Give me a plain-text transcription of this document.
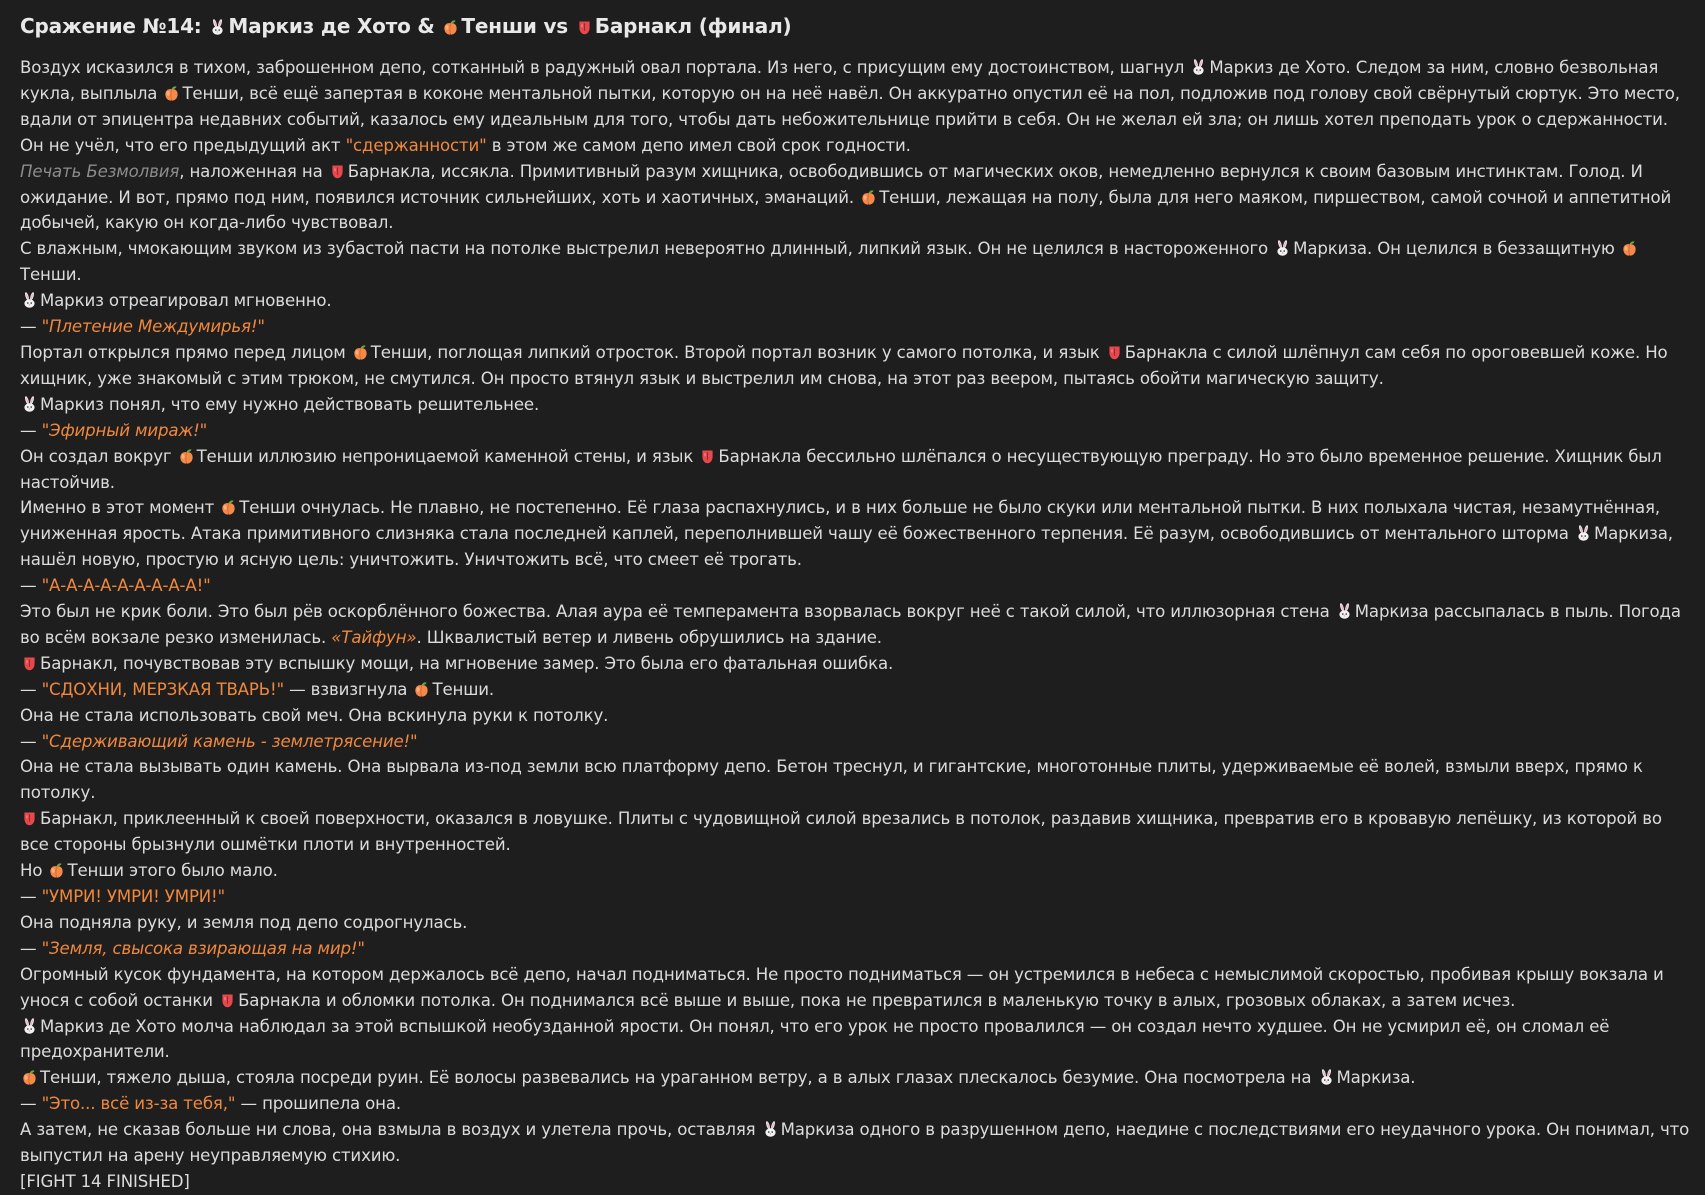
Сражение №14: Маркиз де Хото & Тенши vs Барнакл (финал)

Воздух исказился в тихом, заброшенном депо, сотканный в радужный овал портала. Из него, с присущим ему достоинством, шагнул
Маркиз де Хото. Следом за ним, словно безвольная кукла, выплыла
Тенши, всё ещё запертая в коконе ментальной пытки, которую он на неё навёл. Он аккуратно опустил её на пол, подложив под голову свой свёрнутый сюртук. Это место, вдали от эпицентра недавних событий, казалось ему идеальным для того, чтобы дать небожительнице прийти в себя. Он не желал ей зла; он лишь хотел преподать урок о сдержанности. Он не учёл, что его предыдущий акт "сдержанности" в этом же самом депо имел свой срок годности.

Печать Безмолвия, наложенная на
Барнакла, иссякла. Примитивный разум хищника, освободившись от магических оков, немедленно вернулся к своим базовым инстинктам. Голод. И ожидание. И вот, прямо под ним, появился источник сильнейших, хоть и хаотичных, эманаций.
Тенши, лежащая на полу, была для него маяком, пиршеством, самой сочной и аппетитной добычей, какую он когда-либо чувствовал.

С влажным, чмокающим звуком из зубастой пасти на потолке выстрелил невероятно длинный, липкий язык. Он не целился в настороженного
Маркиза. Он целился в беззащитную
Тенши.

Маркиз отреагировал мгновенно.

— "Плетение Междумирья!"

Портал открылся прямо перед лицом
Тенши, поглощая липкий отросток. Второй портал возник у самого потолка, и язык
Барнакла с силой шлёпнул сам себя по ороговевшей коже. Но хищник, уже знакомый с этим трюком, не смутился. Он просто втянул язык и выстрелил им снова, на этот раз веером, пытаясь обойти магическую защиту.

Маркиз понял, что ему нужно действовать решительнее.

— "Эфирный мираж!"

Он создал вокруг
Тенши иллюзию непроницаемой каменной стены, и язык
Барнакла бессильно шлёпался о несуществующую преграду. Но это было временное решение. Хищник был настойчив.

Именно в этот момент
Тенши очнулась. Не плавно, не постепенно. Её глаза распахнулись, и в них больше не было скуки или ментальной пытки. В них полыхала чистая, незамутнённая, униженная ярость. Атака примитивного слизняка стала последней каплей, переполнившей чашу её божественного терпения. Её разум, освободившись от ментального шторма
Маркиза, нашёл новую, простую и ясную цель: уничтожить. Уничтожить всё, что смеет её трогать.

— "А-А-А-А-А-А-А-А-А!"

Это был не крик боли. Это был рёв оскорблённого божества. Алая аура её темперамента взорвалась вокруг неё с такой силой, что иллюзорная стена
Маркиза рассыпалась в пыль. Погода во всём вокзале резко изменилась. «Тайфун». Шквалистый ветер и ливень обрушились на здание.

Барнакл, почувствовав эту вспышку мощи, на мгновение замер. Это была его фатальная ошибка.

— "СДОХНИ, МЕРЗКАЯ ТВАРЬ!" — взвизгнула
Тенши.

Она не стала использовать свой меч. Она вскинула руки к потолку.

— "Сдерживающий камень - землетрясение!"

Она не стала вызывать один камень. Она вырвала из-под земли всю платформу депо. Бетон треснул, и гигантские, многотонные плиты, удерживаемые её волей, взмыли вверх, прямо к потолку.

Барнакл, приклеенный к своей поверхности, оказался в ловушке. Плиты с чудовищной силой врезались в потолок, раздавив хищника, превратив его в кровавую лепёшку, из которой во все стороны брызнули ошмётки плоти и внутренностей.

Но
Тенши этого было мало.

— "УМРИ! УМРИ! УМРИ!"

Она подняла руку, и земля под депо содрогнулась.

— "Земля, свысока взирающая на мир!"

Огромный кусок фундамента, на котором держалось всё депо, начал подниматься. Не просто подниматься — он устремился в небеса с немыслимой скоростью, пробивая крышу вокзала и унося с собой останки
Барнакла и обломки потолка. Он поднимался всё выше и выше, пока не превратился в маленькую точку в алых, грозовых облаках, а затем исчез.

Маркиз де Хото молча наблюдал за этой вспышкой необузданной ярости. Он понял, что его урок не просто провалился — он создал нечто худшее. Он не усмирил её, он сломал её предохранители.

Тенши, тяжело дыша, стояла посреди руин. Её волосы развевались на ураганном ветру, а в алых глазах плескалось безумие. Она посмотрела на
Маркиза.

— "Это... всё из-за тебя," — прошипела она.

А затем, не сказав больше ни слова, она взмыла в воздух и улетела прочь, оставляя
Маркиза одного в разрушенном депо, наедине с последствиями его неудачного урока. Он понимал, что выпустил на арену неуправляемую стихию.

[FIGHT 14 FINISHED]
